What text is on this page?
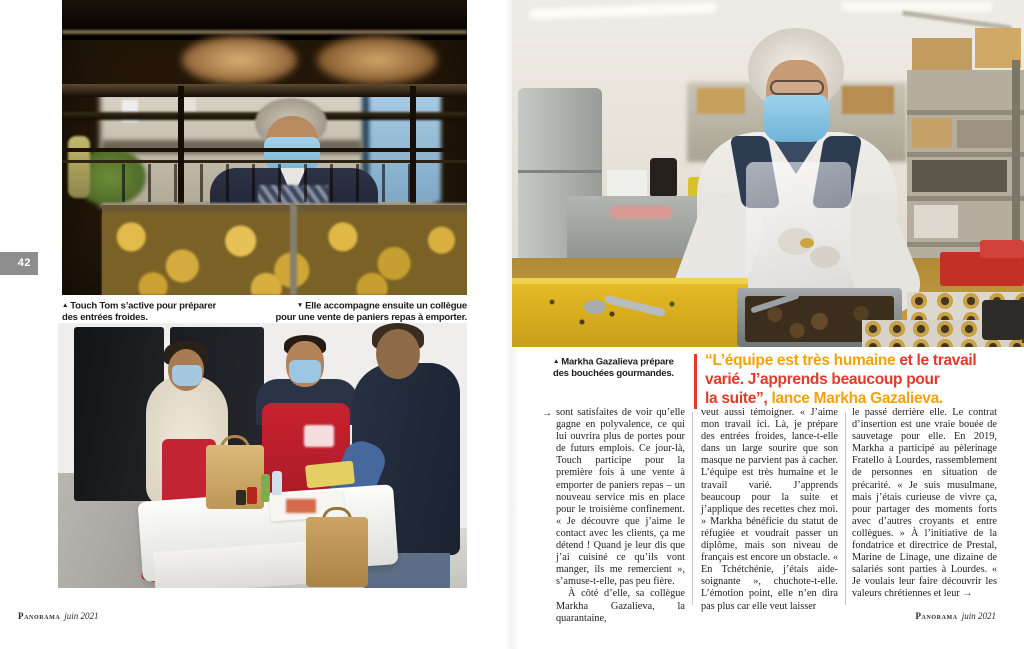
▲ Touch Tom s’active pour préparer
des entrées froides.
▼ Elle accompagne ensuite un collègue
pour une vente de paniers repas à emporter.
42
Panorama juin 2021
▲ Markha Gazalieva prépare
des bouchées gourmandes.
“L’équipe est très humaine et le travail
varié. J’apprends beaucoup pour
la suite”, lance Markha Gazalieva.
→ sont satisfaites de voir qu’elle gagne en polyvalence, ce qui lui ouvrira plus de portes pour de futurs emplois. Ce jour-là, Touch participe pour la première fois à une vente à emporter de paniers repas – un nouveau service mis en place pour le troisième confinement. « Je découvre que j’aime le contact avec les clients, ça me détend ! Quand je leur dis que j’ai cuisiné ce qu’ils vont manger, ils me remercient », s’amuse-t-elle, pas peu fière.

À côté d’elle, sa collègue Markha Gazalieva, la quarantaine,

veut aussi témoigner. « J’aime mon travail ici. Là, je prépare des entrées froides, lance-t-elle dans un large sourire que son masque ne parvient pas à cacher. L’équipe est très humaine et le travail varié. J’apprends beaucoup pour la suite et j’applique des recettes chez moi. » Markha bénéficie du statut de réfugiée et voudrait passer un diplôme, mais son niveau de français est encore un obstacle. « En Tchétchénie, j’étais aide-soignante », chuchote-t-elle. L’émotion point, elle n’en dira pas plus car elle veut laisser

le passé derrière elle. Le contrat d’insertion est une vraie bouée de sauvetage pour elle. En 2019, Markha a participé au pèlerinage Fratello à Lourdes, rassemblement de personnes en situation de précarité. « Je suis musulmane, mais j’étais curieuse de vivre ça, pour partager des moments forts avec d’autres croyants et entre collègues. » À l’initiative de la fondatrice et directrice de Prestal, Marine de Linage, une dizaine de salariés sont parties à Lourdes. « Je voulais leur faire découvrir les valeurs chrétiennes et leur →

Panorama juin 2021
